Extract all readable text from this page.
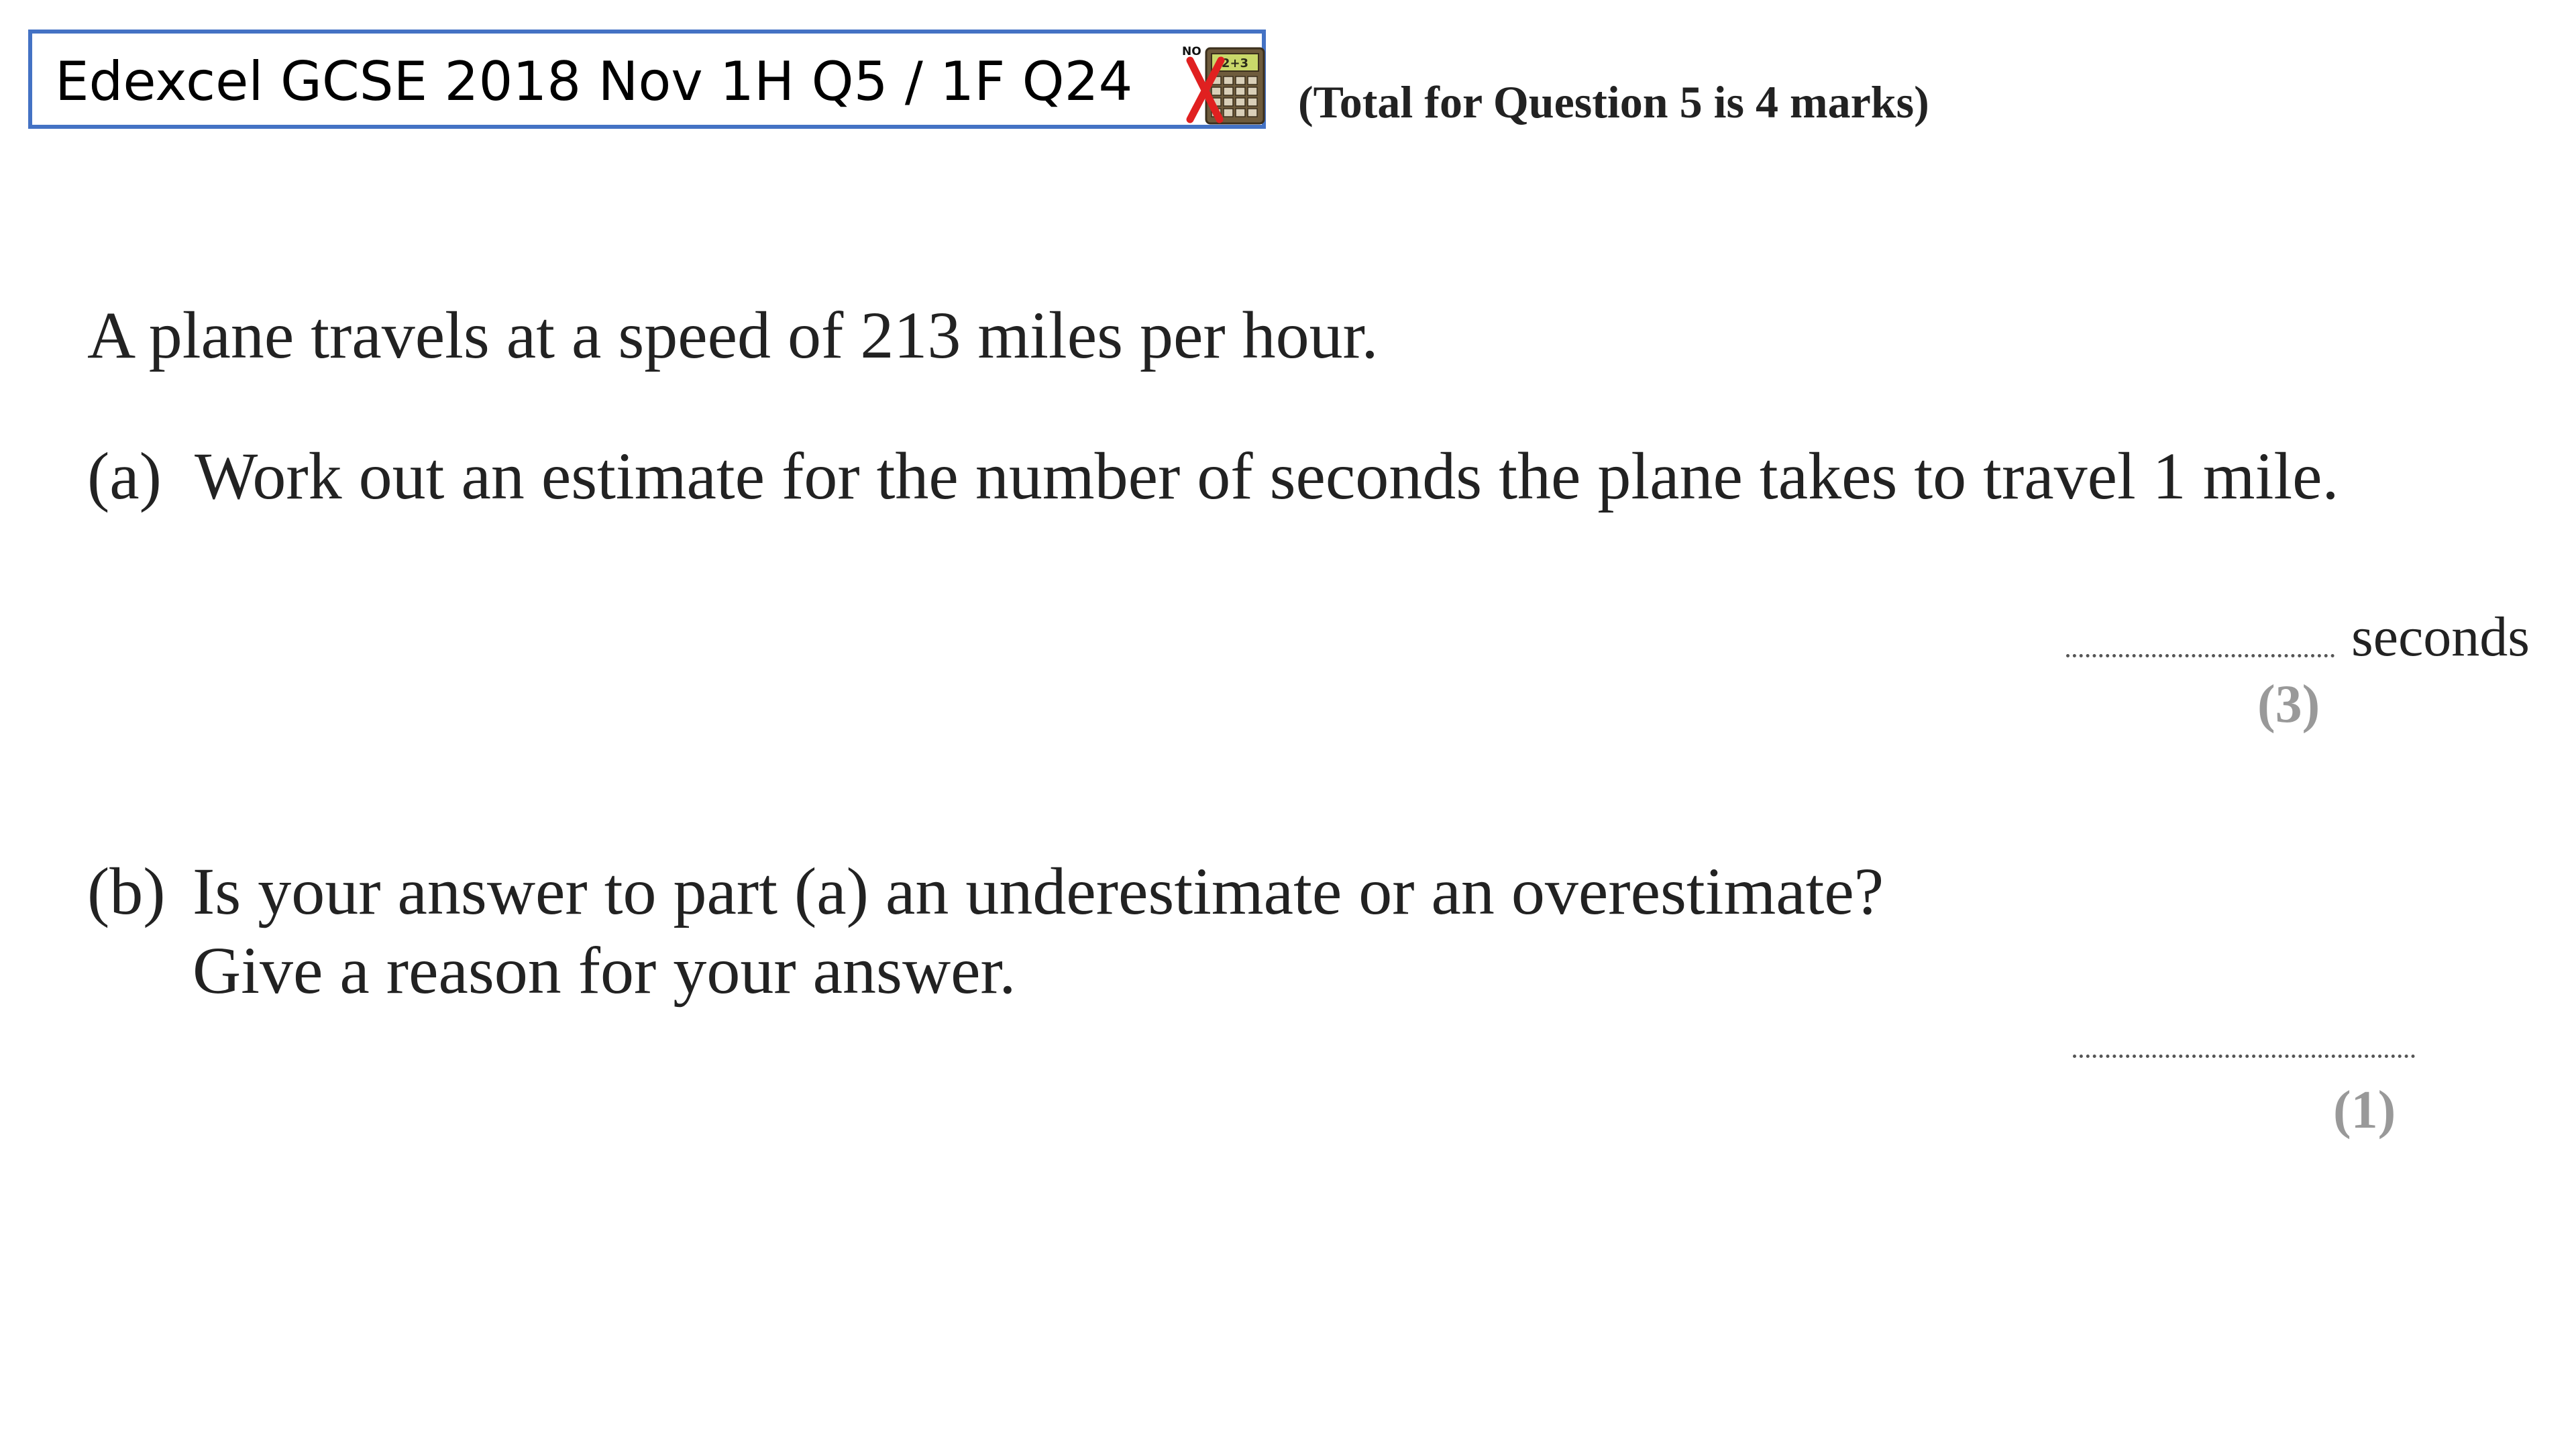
Edexcel GCSE 2018 Nov 1H Q5 / 1F Q24	2+3
NO
(Total for Question 5 is 4 marks)
A plane travels at a speed of 213 miles per hour.
(a) Work out an estimate for the number of seconds the plane takes to travel 1 mile.
seconds
(3)
(b) Is your answer to part (a) an underestimate or an overestimate?
Give a reason for your answer.
(1)
